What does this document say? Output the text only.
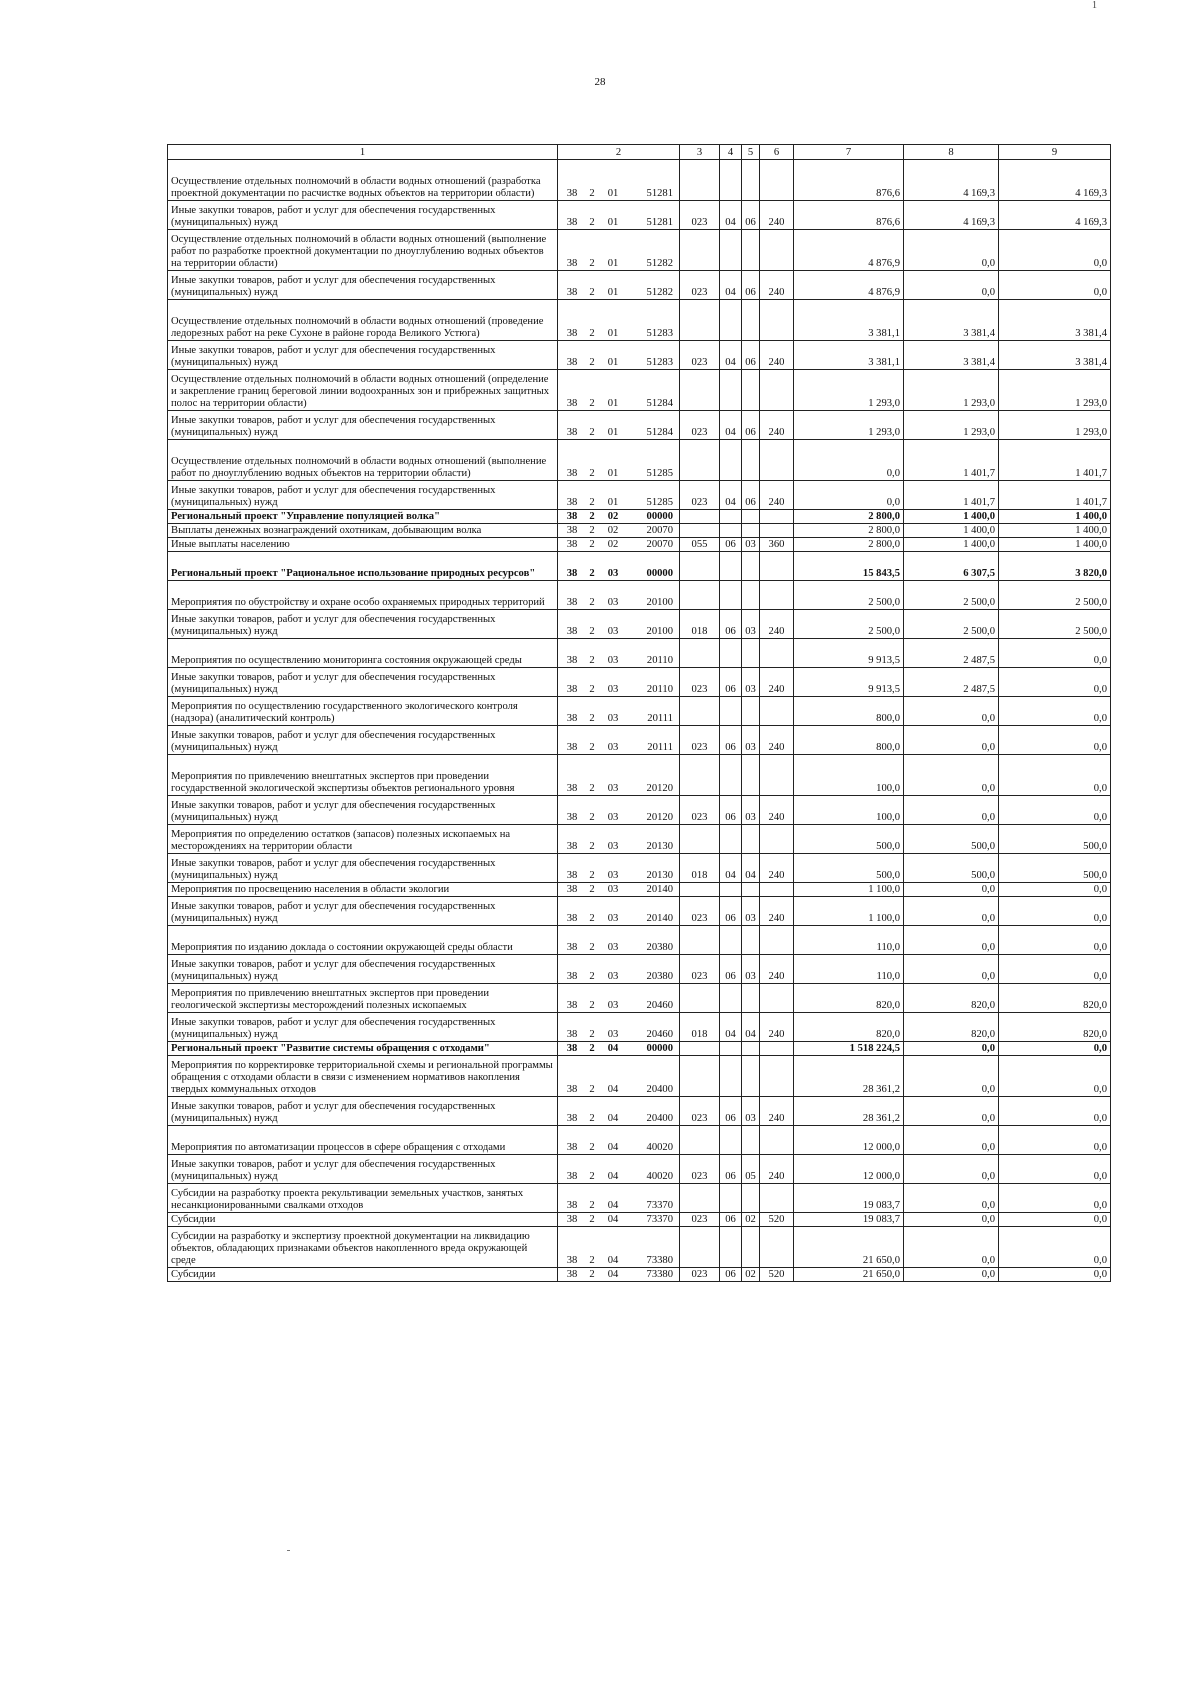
1
28
1	2	3	4	5	6	7	8	9
Осуществление отдельных полномочий в области водных отношений (разработка проектной документации по расчистке водных объектов на территории области)	38 2 01 51281					876,6	4 169,3	4 169,3
Иные закупки товаров, работ и услуг для обеспечения государственных (муниципальных) нужд	38 2 01 51281	023	04	06	240	876,6	4 169,3	4 169,3
Осуществление отдельных полномочий в области водных отношений (выполнение работ по разработке проектной документации по дноуглублению водных объектов на территории области)	38 2 01 51282					4 876,9	0,0	0,0
Иные закупки товаров, работ и услуг для обеспечения государственных (муниципальных) нужд	38 2 01 51282	023	04	06	240	4 876,9	0,0	0,0
Осуществление отдельных полномочий в области водных отношений (проведение ледорезных работ на реке Сухоне в районе города Великого Устюга)	38 2 01 51283					3 381,1	3 381,4	3 381,4
Иные закупки товаров, работ и услуг для обеспечения государственных (муниципальных) нужд	38 2 01 51283	023	04	06	240	3 381,1	3 381,4	3 381,4
Осуществление отдельных полномочий в области водных отношений (определение и закрепление границ береговой линии водоохранных зон и прибрежных защитных полос на территории области)	38 2 01 51284					1 293,0	1 293,0	1 293,0
Иные закупки товаров, работ и услуг для обеспечения государственных (муниципальных) нужд	38 2 01 51284	023	04	06	240	1 293,0	1 293,0	1 293,0
Осуществление отдельных полномочий в области водных отношений (выполнение работ по дноуглублению водных объектов на территории области)	38 2 01 51285					0,0	1 401,7	1 401,7
Иные закупки товаров, работ и услуг для обеспечения государственных (муниципальных) нужд	38 2 01 51285	023	04	06	240	0,0	1 401,7	1 401,7
Региональный проект "Управление популяцией волка"	38 2 02 00000					2 800,0	1 400,0	1 400,0
Выплаты денежных вознаграждений охотникам, добывающим волка	38 2 02 20070					2 800,0	1 400,0	1 400,0
Иные выплаты населению	38 2 02 20070	055	06	03	360	2 800,0	1 400,0	1 400,0
Региональный проект "Рациональное использование природных ресурсов"	38 2 03 00000					15 843,5	6 307,5	3 820,0
Мероприятия по обустройству и охране особо охраняемых природных территорий	38 2 03 20100					2 500,0	2 500,0	2 500,0
Иные закупки товаров, работ и услуг для обеспечения государственных (муниципальных) нужд	38 2 03 20100	018	06	03	240	2 500,0	2 500,0	2 500,0
Мероприятия по осуществлению мониторинга состояния окружающей среды	38 2 03 20110					9 913,5	2 487,5	0,0
Иные закупки товаров, работ и услуг для обеспечения государственных (муниципальных) нужд	38 2 03 20110	023	06	03	240	9 913,5	2 487,5	0,0
Мероприятия по осуществлению государственного экологического контроля (надзора) (аналитический контроль)	38 2 03 20111					800,0	0,0	0,0
Иные закупки товаров, работ и услуг для обеспечения государственных (муниципальных) нужд	38 2 03 20111	023	06	03	240	800,0	0,0	0,0
Мероприятия по привлечению внештатных экспертов при проведении государственной экологической экспертизы объектов регионального уровня	38 2 03 20120					100,0	0,0	0,0
Иные закупки товаров, работ и услуг для обеспечения государственных (муниципальных) нужд	38 2 03 20120	023	06	03	240	100,0	0,0	0,0
Мероприятия по определению остатков (запасов) полезных ископаемых на месторождениях на территории области	38 2 03 20130					500,0	500,0	500,0
Иные закупки товаров, работ и услуг для обеспечения государственных (муниципальных) нужд	38 2 03 20130	018	04	04	240	500,0	500,0	500,0
Мероприятия по просвещению населения в области экологии	38 2 03 20140					1 100,0	0,0	0,0
Иные закупки товаров, работ и услуг для обеспечения государственных (муниципальных) нужд	38 2 03 20140	023	06	03	240	1 100,0	0,0	0,0
Мероприятия по изданию доклада о состоянии окружающей среды области	38 2 03 20380					110,0	0,0	0,0
Иные закупки товаров, работ и услуг для обеспечения государственных (муниципальных) нужд	38 2 03 20380	023	06	03	240	110,0	0,0	0,0
Мероприятия по привлечению внештатных экспертов при проведении геологической экспертизы месторождений полезных ископаемых	38 2 03 20460					820,0	820,0	820,0
Иные закупки товаров, работ и услуг для обеспечения государственных (муниципальных) нужд	38 2 03 20460	018	04	04	240	820,0	820,0	820,0
Региональный проект "Развитие системы обращения с отходами"	38 2 04 00000					1 518 224,5	0,0	0,0
Мероприятия по корректировке территориальной схемы и региональной программы обращения с отходами области в связи с изменением нормативов накопления твердых коммунальных отходов	38 2 04 20400					28 361,2	0,0	0,0
Иные закупки товаров, работ и услуг для обеспечения государственных (муниципальных) нужд	38 2 04 20400	023	06	03	240	28 361,2	0,0	0,0
Мероприятия по автоматизации процессов в сфере обращения с отходами	38 2 04 40020					12 000,0	0,0	0,0
Иные закупки товаров, работ и услуг для обеспечения государственных (муниципальных) нужд	38 2 04 40020	023	06	05	240	12 000,0	0,0	0,0
Субсидии на разработку проекта рекультивации земельных участков, занятых несанкционированными свалками отходов	38 2 04 73370					19 083,7	0,0	0,0
Субсидии	38 2 04 73370	023	06	02	520	19 083,7	0,0	0,0
Субсидии на разработку и экспертизу проектной документации на ликвидацию объектов, обладающих признаками объектов накопленного вреда окружающей среде	38 2 04 73380					21 650,0	0,0	0,0
Субсидии	38 2 04 73380	023	06	02	520	21 650,0	0,0	0,0
